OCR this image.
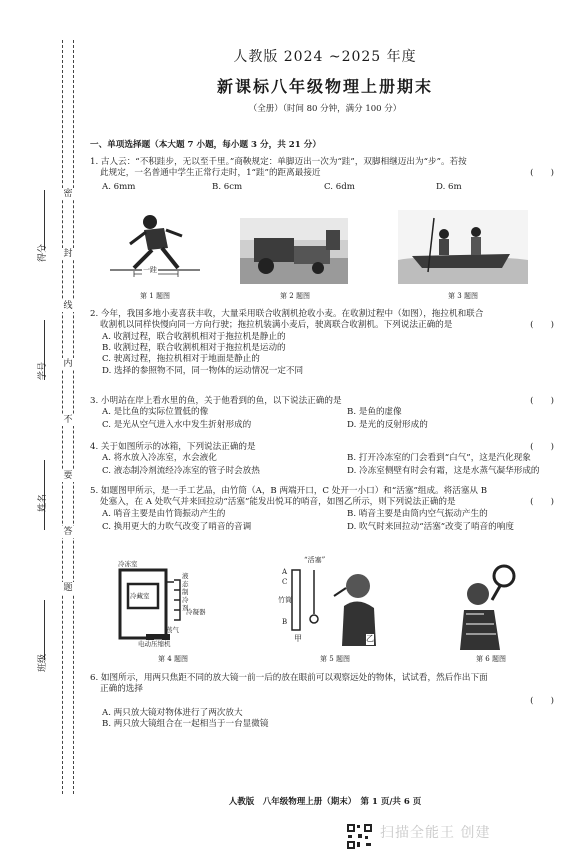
得分
学号
姓名
班级
密
封
线
内
不
要
答
题
人教版 2024 ~2025 年度
新课标八年级物理上册期末
（全册）（时间 80 分钟，满分 100 分）
一、单项选择题（本大题 7 小题，每小题 3 分，共 21 分）
1. 古人云：“不积跬步，无以至千里。”商鞅规定：单脚迈出一次为“跬”，双脚相继迈出为“步”。若按
此规定，一名普通中学生正常行走时，1“跬”的距离最接近	(　　)
A. 6mm	B. 6cm	C. 6dm	D. 6m
一跬
第 1 题图	第 2 题图	第 3 题图
2. 今年，我国多地小麦喜获丰收，大量采用联合收割机抢收小麦。在收割过程中（如图），拖拉机和联合
收割机以同样快慢向同一方向行驶；拖拉机装满小麦后，驶离联合收割机。下列说法正确的是	(　　)
A. 收割过程，联合收割机相对于拖拉机是静止的
B. 收割过程，联合收割机相对于拖拉机是运动的
C. 驶离过程，拖拉机相对于地面是静止的
D. 选择的参照物不同，同一物体的运动情况一定不同
3. 小明站在岸上看水里的鱼，关于他看到的鱼，以下说法正确的是	(　　)
A. 是比鱼的实际位置低的像	B. 是鱼的虚像
C. 是光从空气进入水中发生折射形成的	D. 是光的反射形成的
4. 关于如图所示的冰箱，下列说法正确的是	(　　)
A. 将水放入冷冻室，水会液化	B. 打开冷冻室的门会看到“白气”，这是汽化现象
C. 液态制冷剂流经冷冻室的管子时会放热	D. 冷冻室侧壁有时会有霜，这是水蒸气凝华形成的
5. 如题图甲所示，是一手工艺品，由竹筒（A，B 两端开口，C 处开一小口）和“活塞”组成。将活塞从 B
处塞入，在 A 处吹气并来回拉动“活塞”能发出悦耳的哨音，如图乙所示，则下列说法正确的是	(　　)
A. 哨音主要是由竹筒振动产生的	B. 哨音主要是由筒内空气振动产生的
C. 换用更大的力吹气改变了哨音的音调	D. 吹气时来回拉动“活塞”改变了哨音的响度
冷冻室
冷藏室
液态制冷剂
蒸气
冷凝器
电动压缩机
第 4 题图
A
C
B
竹筒
“活塞”
甲	乙
第 5 题图	第 6 题图
6. 如图所示，用两只焦距不同的放大镜一前一后的放在眼前可以观察远处的物体，试试看，然后作出下面
正确的选择
(　　)
A. 两只放大镜对物体进行了两次放大
B. 两只放大镜组合在一起相当于一台显微镜
人教版　八年级物理上册（期末）　第 1 页/共 6 页
扫描全能王 创建
